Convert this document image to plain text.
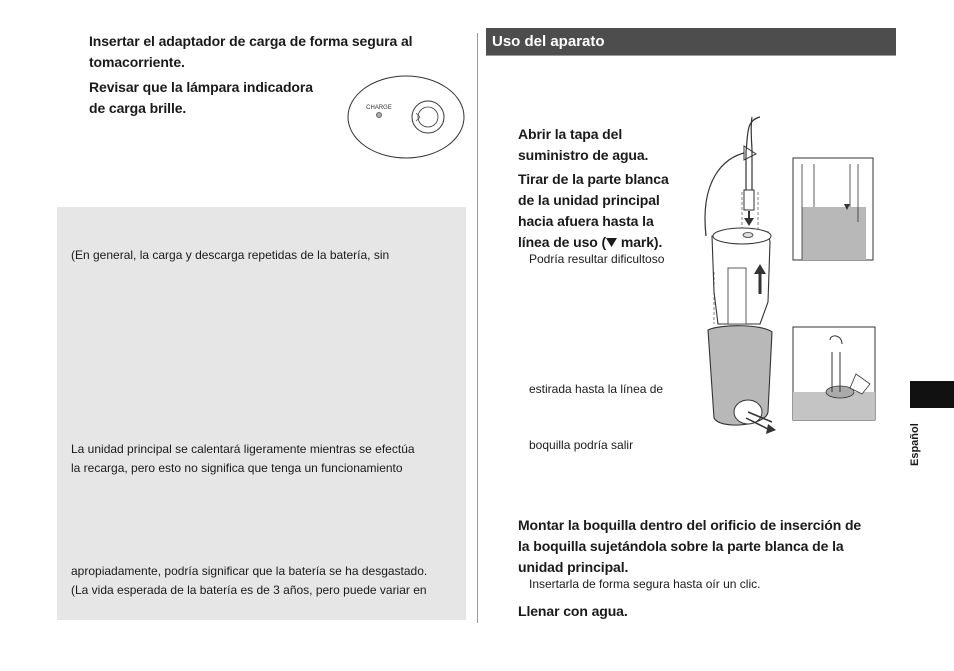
Insertar el adaptador de carga de forma segura al
tomacorriente.
Revisar que la lámpara indicadora
de carga brille.	CHARGE
(En general, la carga y descarga repetidas de la batería, sin
La unidad principal se calentará ligeramente mientras se efectúa
la recarga, pero esto no significa que tenga un funcionamiento
apropiadamente, podría significar que la batería se ha desgastado.
(La vida esperada de la batería es de 3 años, pero puede variar en
Uso del aparato
Abrir la tapa del
suministro de agua.
Tirar de la parte blanca
de la unidad principal
hacia afuera hasta la
línea de uso ( mark).
Podría resultar dificultoso
estirada hasta la línea de
boquilla podría salir
Montar la boquilla dentro del orificio de inserción de
la boquilla sujetándola sobre la parte blanca de la
unidad principal.
Insertarla de forma segura hasta oír un clic.
Llenar con agua.
Español
